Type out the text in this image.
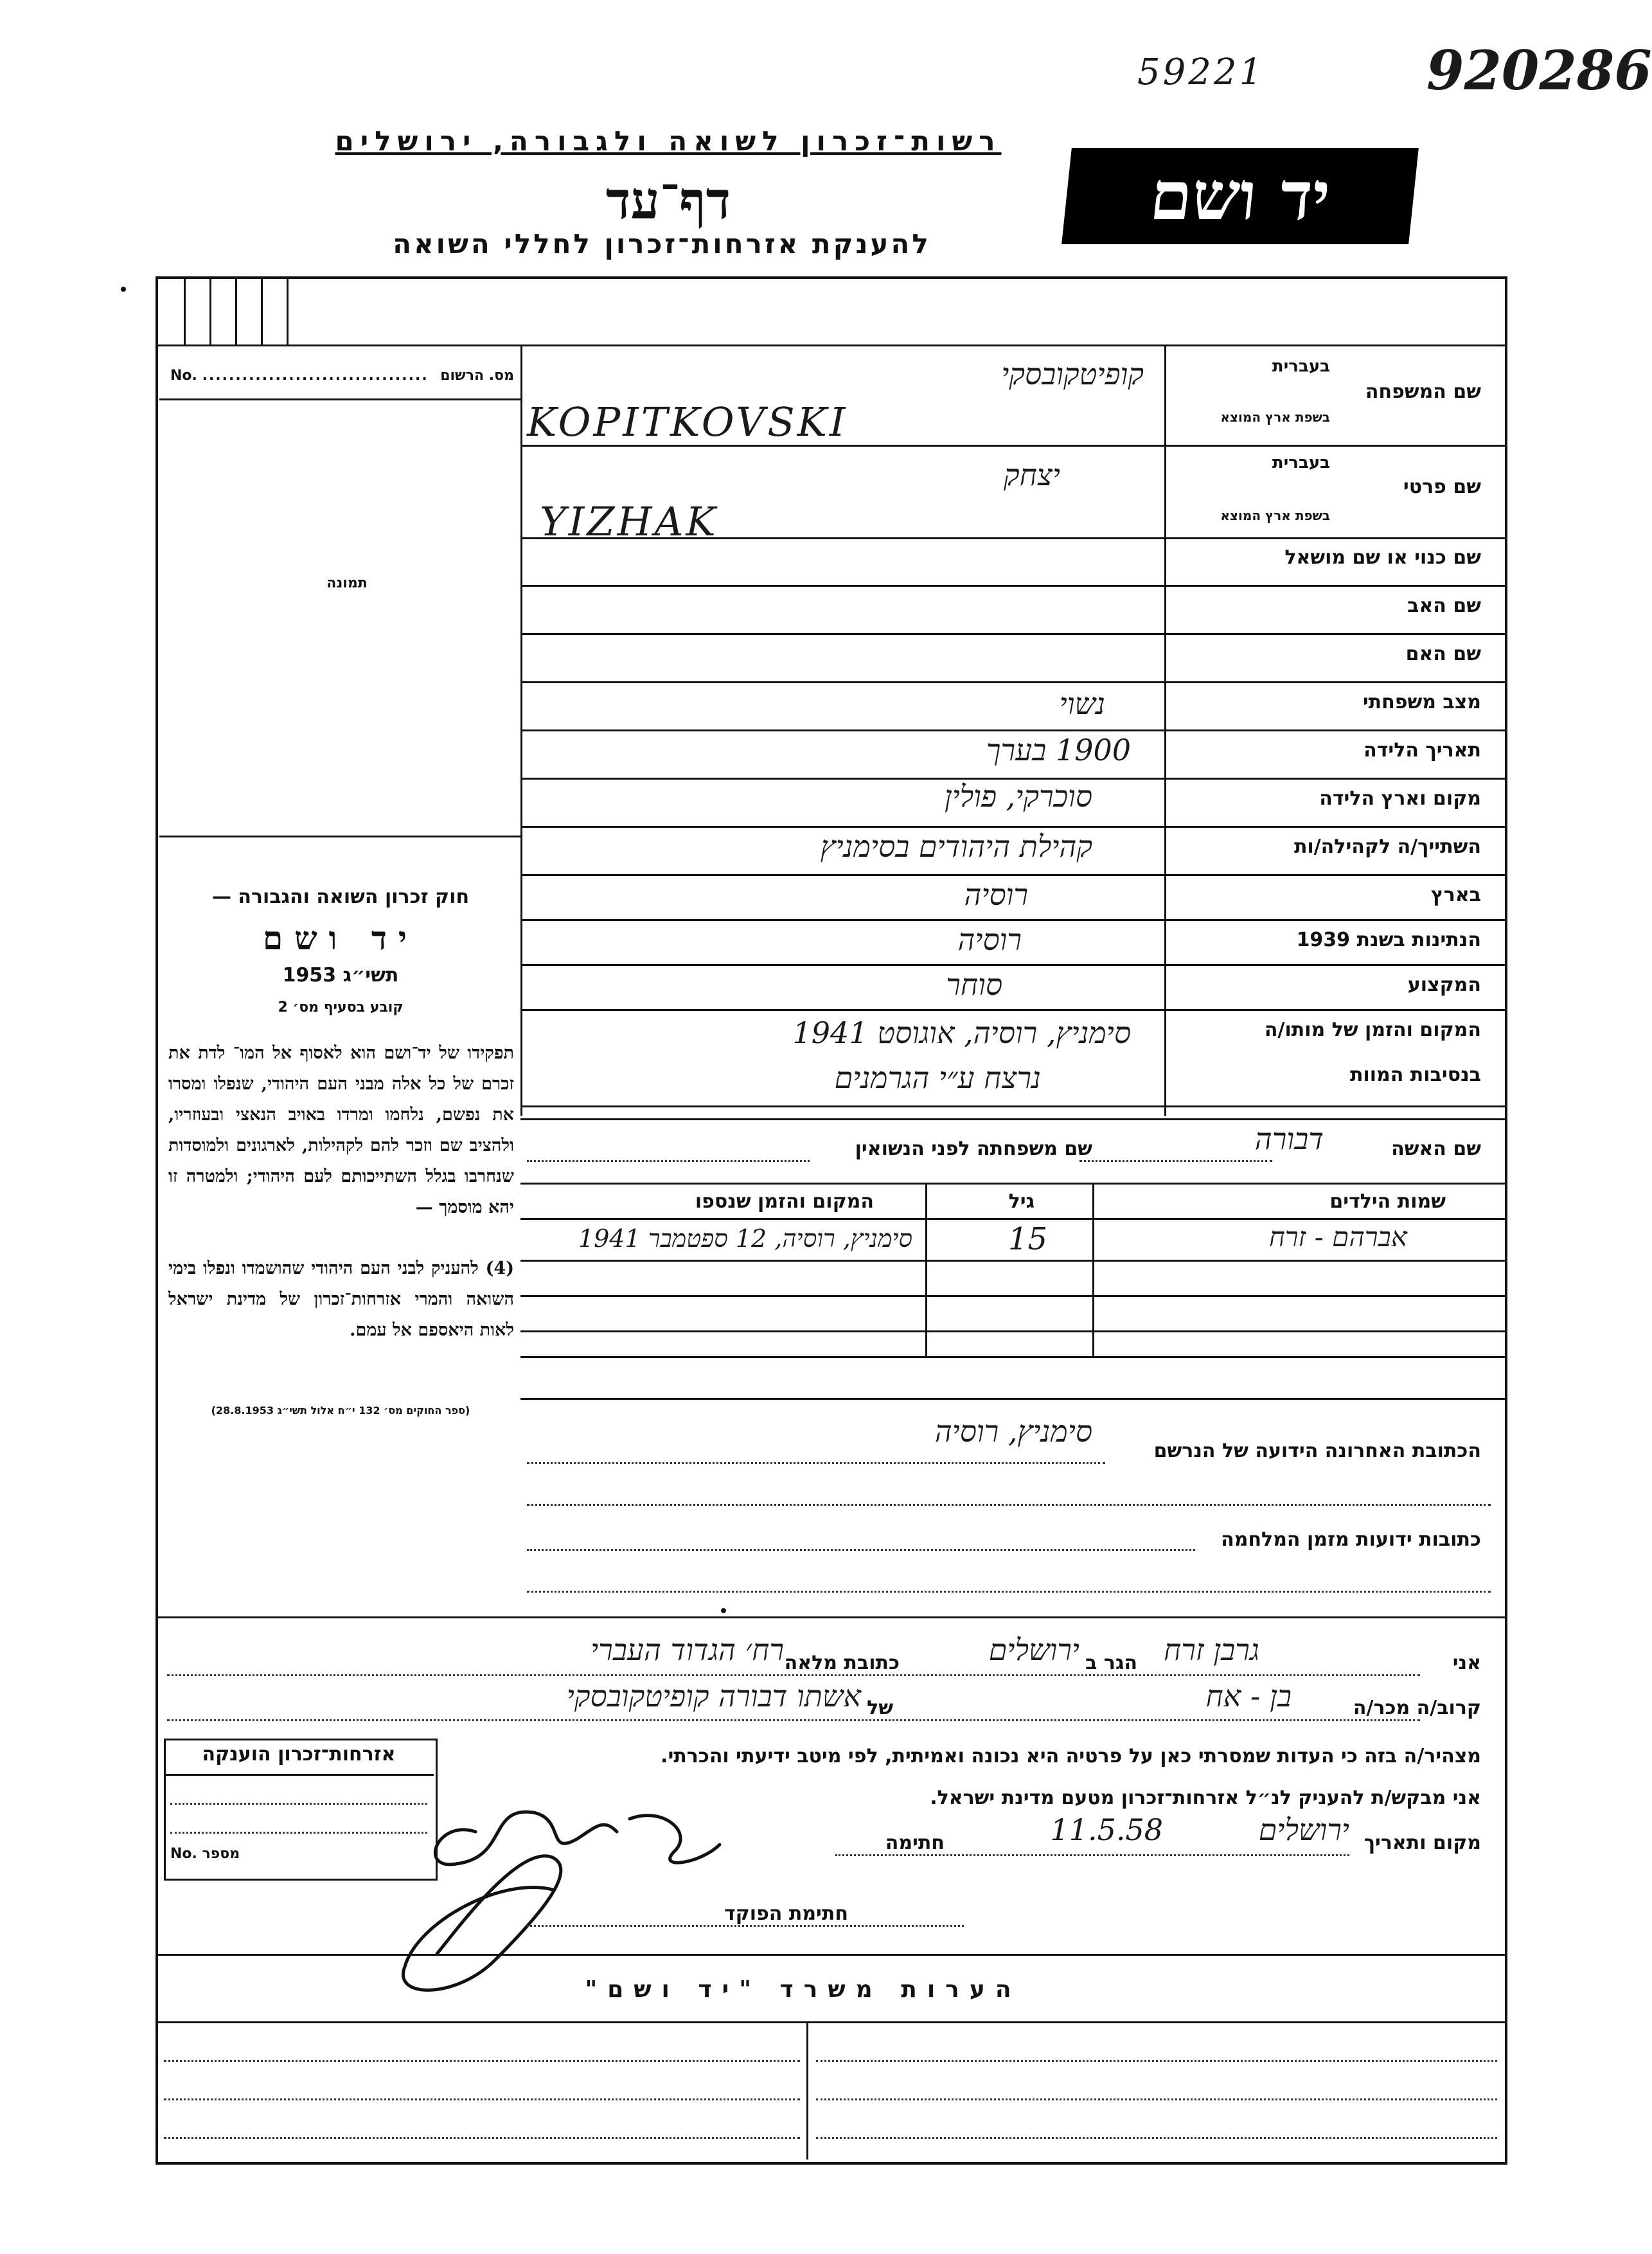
59221	920286
רשות־זכרון לשואה ולגבורה, ירושלים
דף־עד
להענקת אזרחות־זכרון לחללי השואה
יד ושם
No. .................................. מס. הרשום
תמונה
חוק זכרון השואה והגבורה —
יד ושם
תשי״ג 1953
קובע בסעיף מס׳ 2
תפקידו של יד־ושם הוא לאסוף אל המו־ לדת את זכרם של כל אלה מבני העם היהודי, שנפלו ומסרו את נפשם, נלחמו ומרדו באויב הנאצי ובעוזריו, ולהציב שם וזכר להם לקהילות, לארגונים ולמוסדות שנחרבו בגלל השתייכותם לעם היהודי; ולמטרה זו יהא מוסמך —
(4) להעניק לבני העם היהודי שהושמדו ונפלו בימי השואה והמרי אזרחות־זכרון של מדינת ישראל לאות היאספם אל עמם.
(ספר החוקים מס׳ 132 י״ח אלול תשי״ג 28.8.1953)
שם המשפחה
בעברית
בשפת ארץ המוצא
קופיטקובסקי
KOPITKOVSKI
שם פרטי
בעברית
בשפת ארץ המוצא
יצחק
YIZHAK
שם כנוי או שם מושאל
שם האב
שם האם
מצב משפחתי
נשוי
תאריך הלידה
1900 בערך
מקום וארץ הלידה
סוכרקי, פולין
השתייך/ה לקהילה/ות
קהילת היהודים בסימניץ
בארץ
רוסיה
הנתינות בשנת 1939
רוסיה
המקצוע
סוחר
המקום והזמן של מותו/ה
סימניץ, רוסיה, אוגוסט 1941
בנסיבות המוות
נרצח ע״י הגרמנים
שם האשה
דבורה
שם משפחתה לפני הנשואין
שמות הילדים
גיל
המקום והזמן שנספו
אברהם - זרח
15
סימניץ, רוסיה, 12 ספטמבר 1941
הכתובת האחרונה הידועה של הנרשם
סימניץ, רוסיה
כתובות ידועות מזמן המלחמה
אני
גרבן זרח
הגר ב
ירושלים
כתובת מלאה
רח׳ הגדוד העברי
קרוב/ה מכר/ה
בן - אח
של
אשתו דבורה קופיטקובסקי
מצהיר/ה בזה כי העדות שמסרתי כאן על פרטיה היא נכונה ואמיתית, לפי מיטב ידיעתי והכרתי.
אני מבקש/ת להעניק לנ״ל אזרחות־זכרון מטעם מדינת ישראל.
מקום ותאריך
ירושלים
11.5.58
חתימה
חתימת הפוקד
אזרחות־זכרון הוענקה
No. מספר
הערות משרד "יד ושם"
